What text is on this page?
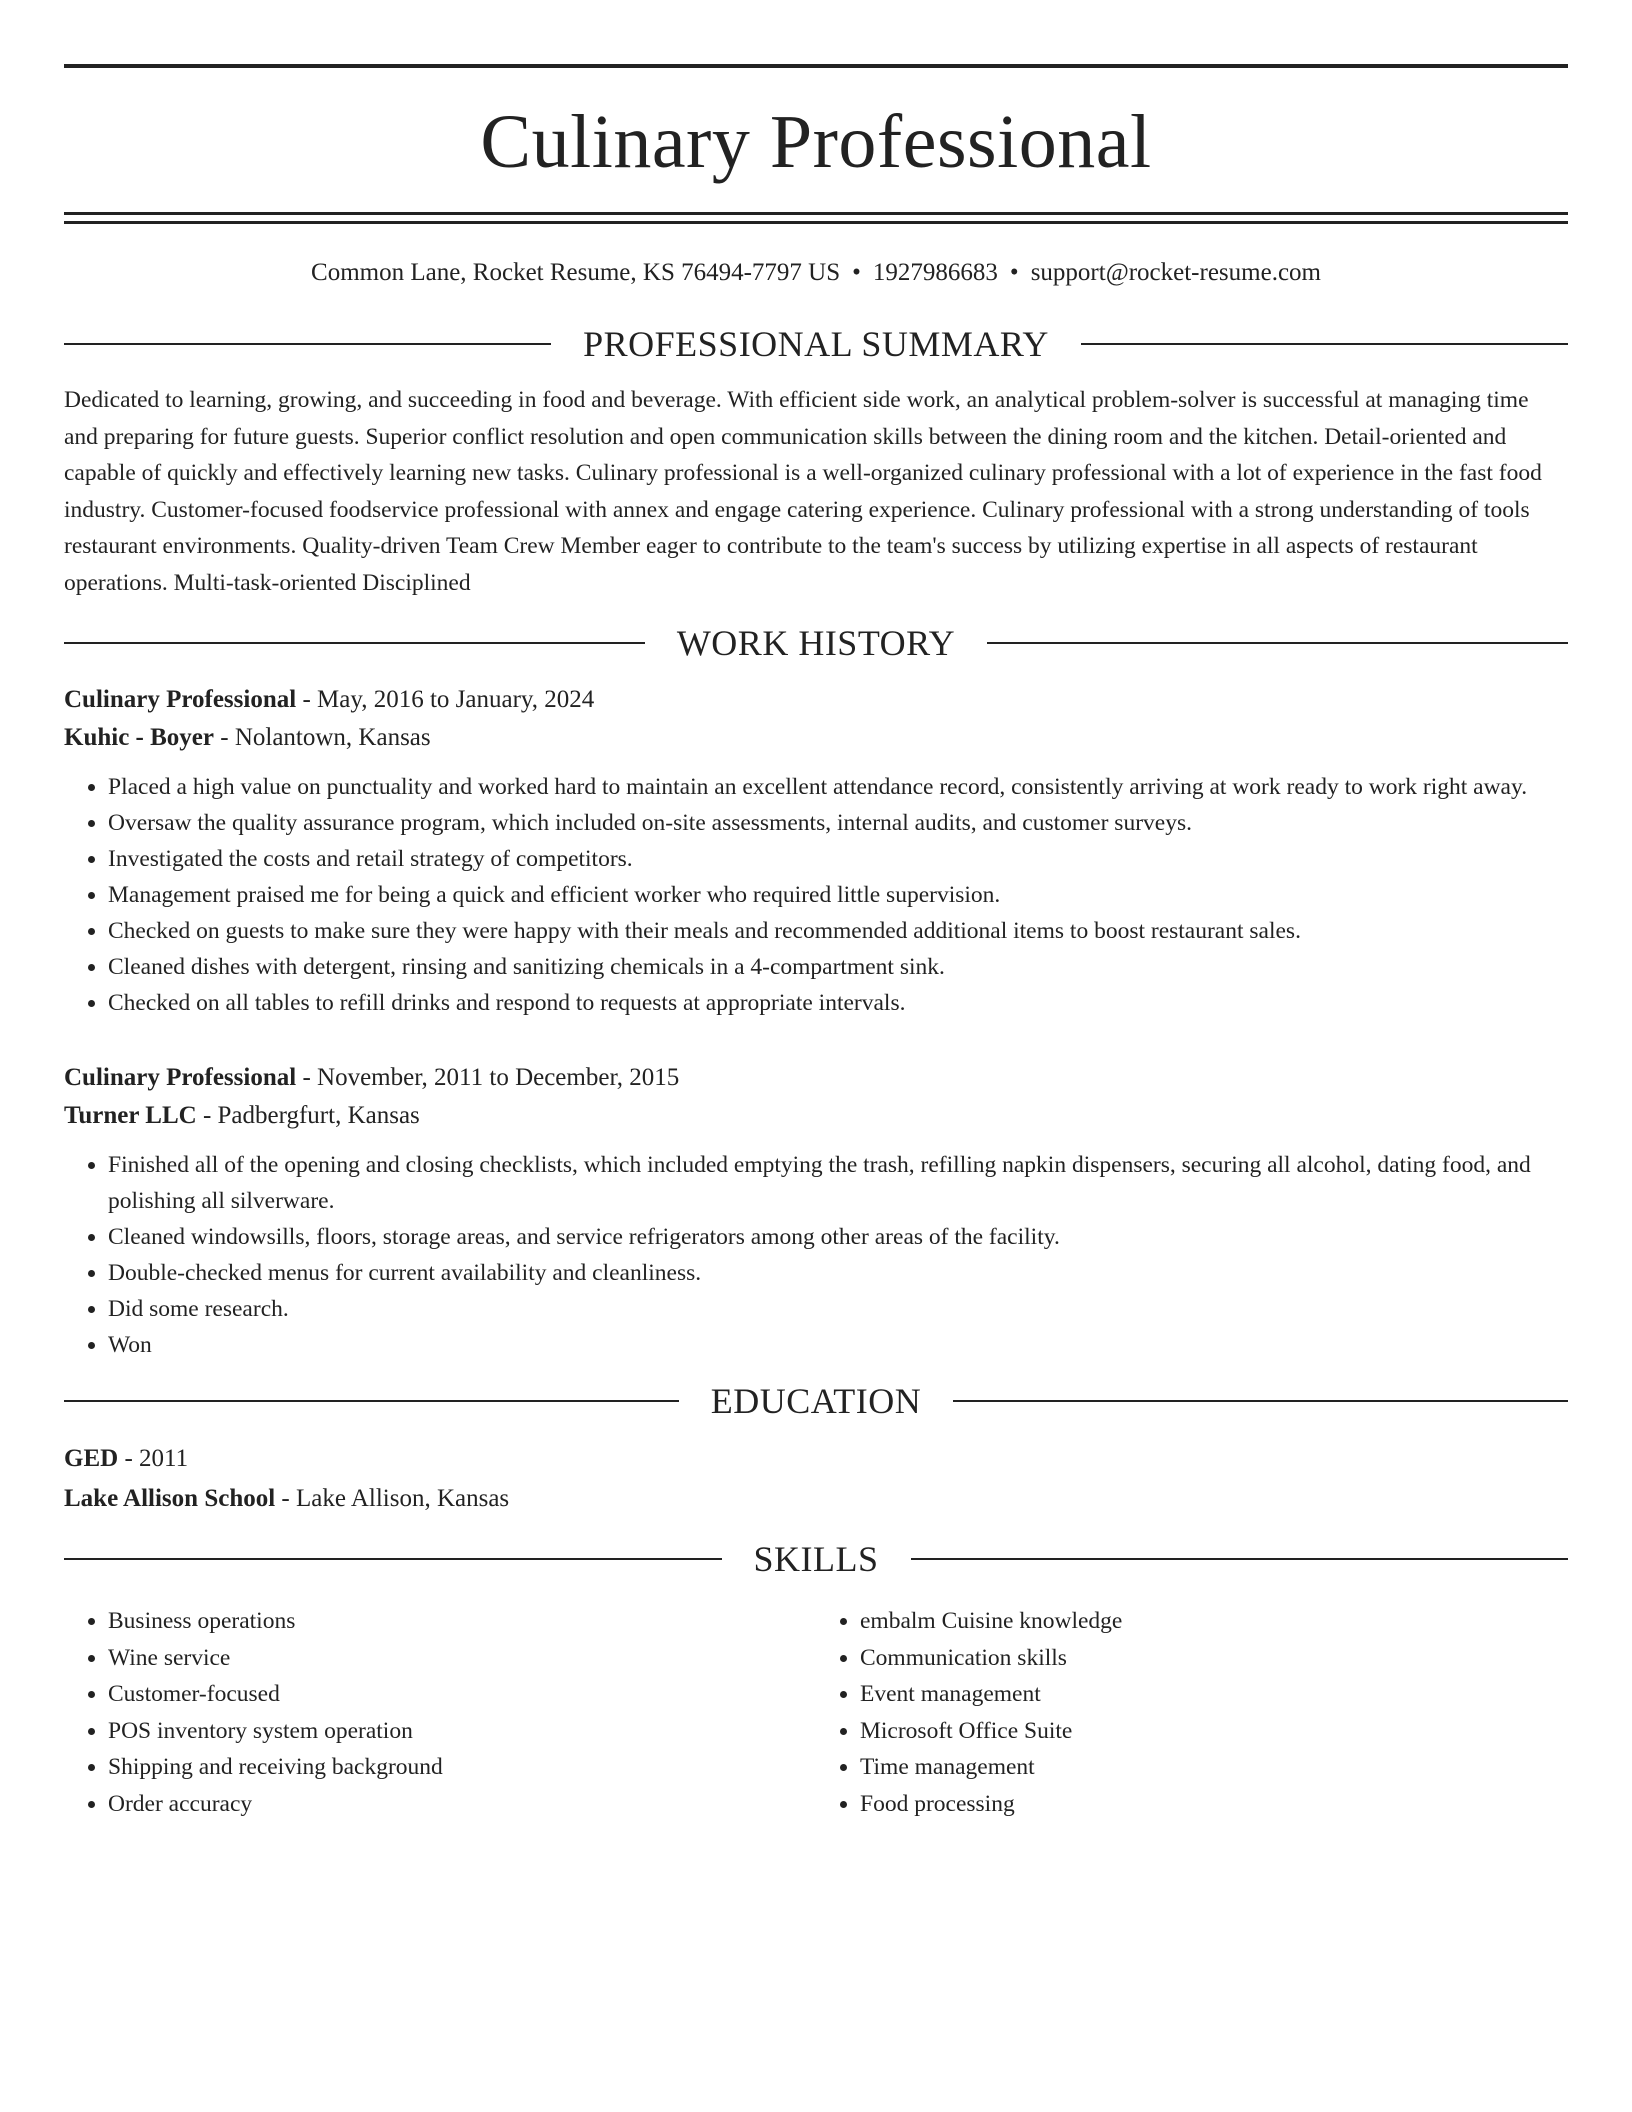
Culinary Professional
Common Lane, Rocket Resume, KS 76494-7797 US • 1927986683 • support@rocket-resume.com
PROFESSIONAL SUMMARY

Dedicated to learning, growing, and succeeding in food and beverage. With efficient side work, an analytical problem-solver is successful at managing time and preparing for future guests. Superior conflict resolution and open communication skills between the dining room and the kitchen. Detail-oriented and capable of quickly and effectively learning new tasks. Culinary professional is a well-organized culinary professional with a lot of experience in the fast food industry. Customer-focused foodservice professional with annex and engage catering experience. Culinary professional with a strong understanding of tools restaurant environments. Quality-driven Team Crew Member eager to contribute to the team's success by utilizing expertise in all aspects of restaurant operations. Multi-task-oriented Disciplined

WORK HISTORY
Culinary Professional - May, 2016 to January, 2024
Kuhic - Boyer - Nolantown, Kansas
• Placed a high value on punctuality and worked hard to maintain an excellent attendance record, consistently arriving at work ready to work right away.
• Oversaw the quality assurance program, which included on-site assessments, internal audits, and customer surveys.
• Investigated the costs and retail strategy of competitors.
• Management praised me for being a quick and efficient worker who required little supervision.
• Checked on guests to make sure they were happy with their meals and recommended additional items to boost restaurant sales.
• Cleaned dishes with detergent, rinsing and sanitizing chemicals in a 4-compartment sink.
• Checked on all tables to refill drinks and respond to requests at appropriate intervals.
Culinary Professional - November, 2011 to December, 2015
Turner LLC - Padbergfurt, Kansas
• Finished all of the opening and closing checklists, which included emptying the trash, refilling napkin dispensers, securing all alcohol, dating food, and polishing all silverware.
• Cleaned windowsills, floors, storage areas, and service refrigerators among other areas of the facility.
• Double-checked menus for current availability and cleanliness.
• Did some research.
• Won
EDUCATION
GED - 2011
Lake Allison School - Lake Allison, Kansas
SKILLS
• Business operations
• Wine service
• Customer-focused
• POS inventory system operation
• Shipping and receiving background
• Order accuracy
• embalm Cuisine knowledge
• Communication skills
• Event management
• Microsoft Office Suite
• Time management
• Food processing
